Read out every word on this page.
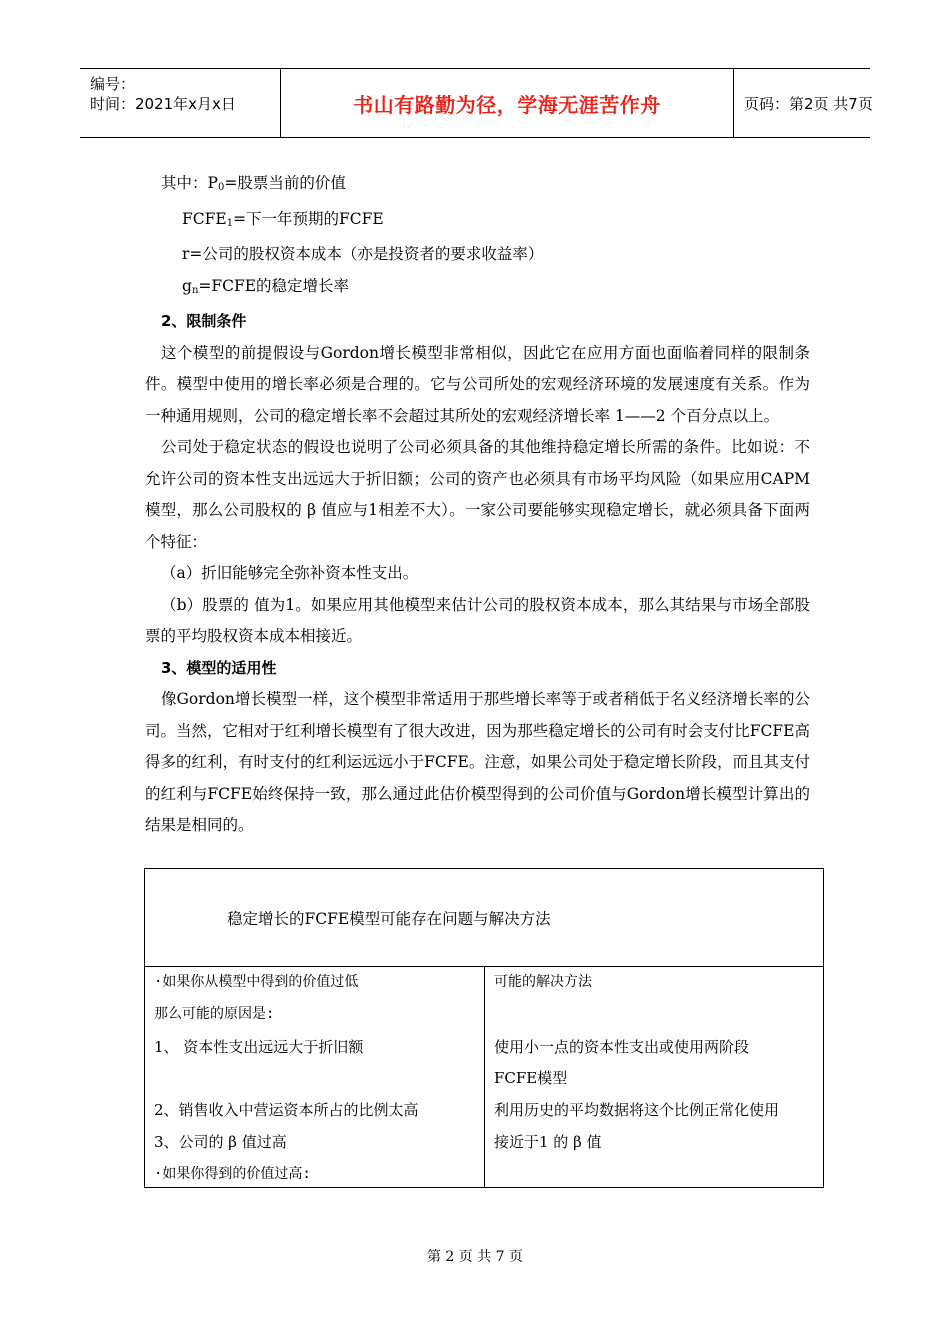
编号：
时间：2021年x月x日	书山有路勤为径，学海无涯苦作舟	页码：第2页 共7页

其中：$P_0=$股票当前的价值

$FCFE_1=$下一年预期的FCFE

r=公司的股权资本成本（亦是投资者的要求收益率）

$g_n=FCFE$的稳定增长率

2、限制条件

这个模型的前提假设与Gordon增长模型非常相似，因此它在应用方面也面临着同样的限制条件。模型中使用的增长率必须是合理的。它与公司所处的宏观经济环境的发展速度有关系。作为一种通用规则，公司的稳定增长率不会超过其所处的宏观经济增长率 1——2 个百分点以上。

公司处于稳定状态的假设也说明了公司必须具备的其他维持稳定增长所需的条件。比如说：不允许公司的资本性支出远远大于折旧额；公司的资产也必须具有市场平均风险（如果应用CAPM模型，那么公司股权的 β 值应与1相差不大）。一家公司要能够实现稳定增长，就必须具备下面两个特征：

（a）折旧能够完全弥补资本性支出。

（b）股票的 值为1。如果应用其他模型来估计公司的股权资本成本，那么其结果与市场全部股票的平均股权资本成本相接近。

3、模型的适用性

像Gordon增长模型一样，这个模型非常适用于那些增长率等于或者稍低于名义经济增长率的公司。当然，它相对于红利增长模型有了很大改进，因为那些稳定增长的公司有时会支付比FCFE高得多的红利，有时支付的红利运远远小于FCFE。注意，如果公司处于稳定增长阶段，而且其支付的红利与FCFE始终保持一致，那么通过此估价模型得到的公司价值与Gordon增长模型计算出的结果是相同的。

稳定增长的FCFE模型可能存在问题与解决方法
·如果你从模型中得到的价值过低
那么可能的原因是:
1、 资本性支出远远大于折旧额
2、销售收入中营运资本所占的比例太高
3、公司的 β 值过高
·如果你得到的价值过高:
可能的解决方法
使用小一点的资本性支出或使用两阶段
FCFE模型
利用历史的平均数据将这个比例正常化使用
接近于1 的 β 值
第 2 页 共 7 页
